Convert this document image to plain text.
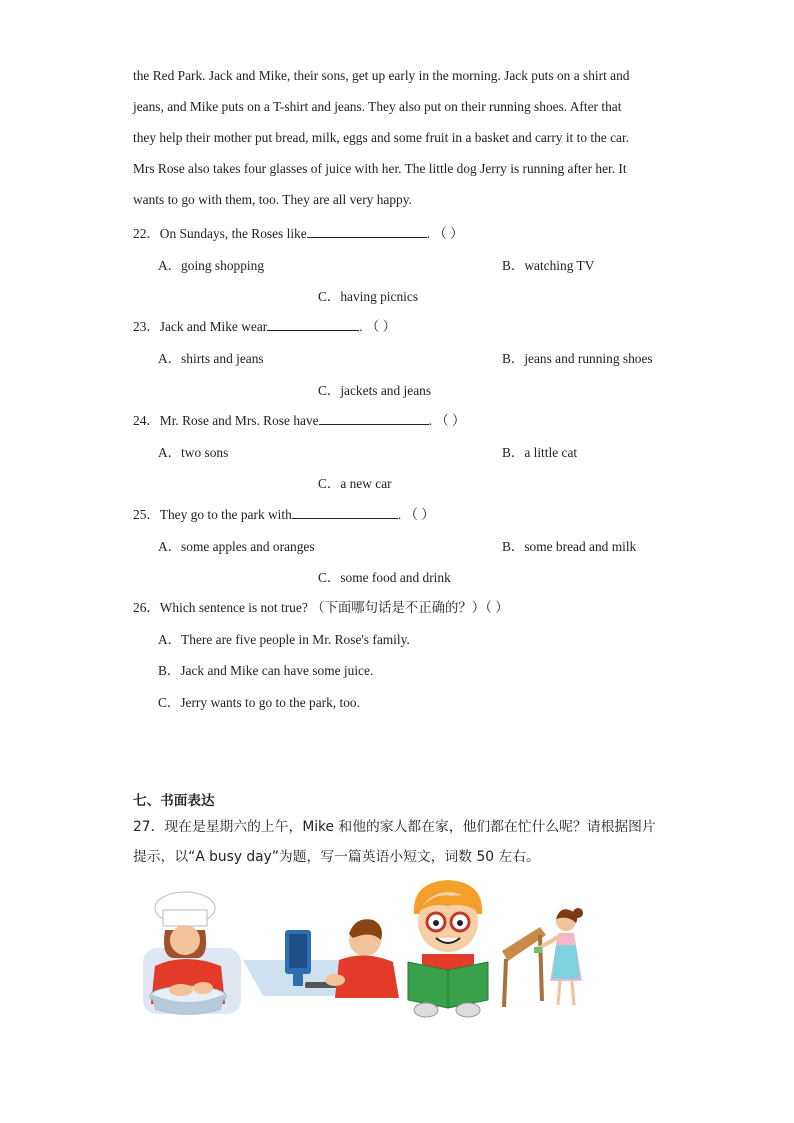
the Red Park. Jack and Mike, their sons, get up early in the morning. Jack puts on a shirt and
jeans, and Mike puts on a T-shirt and jeans. They also put on their running shoes. After that
they help their mother put bread, milk, eggs and some fruit in a basket and carry it to the car.
Mrs Rose also takes four glasses of juice with her. The little dog Jerry is running after her. It
wants to go with them, too. They are all very happy.
22．On Sundays, the Roses like	. （ ）
A．going shopping	B．watching TV
C．having picnics
23．Jack and Mike wear	. （ ）
A．shirts and jeans	B．jeans and running shoes
C．jackets and jeans
24．Mr. Rose and Mrs. Rose have	. （ ）
A．two sons	B．a little cat
C．a new car
25．They go to the park with	. （ ）
A．some apples and oranges	B．some bread and milk
C．some food and drink
26．Which sentence is not true? （下面哪句话是不正确的？）（ ）
A．There are five people in Mr. Rose's family.
B．Jack and Mike can have some juice.
C．Jerry wants to go to the park, too.
七、书面表达
27．现在是星期六的上午，Mike 和他的家人都在家，他们都在忙什么呢？请根据图片
提示，以“A busy day”为题，写一篇英语小短文，词数 50 左右。
